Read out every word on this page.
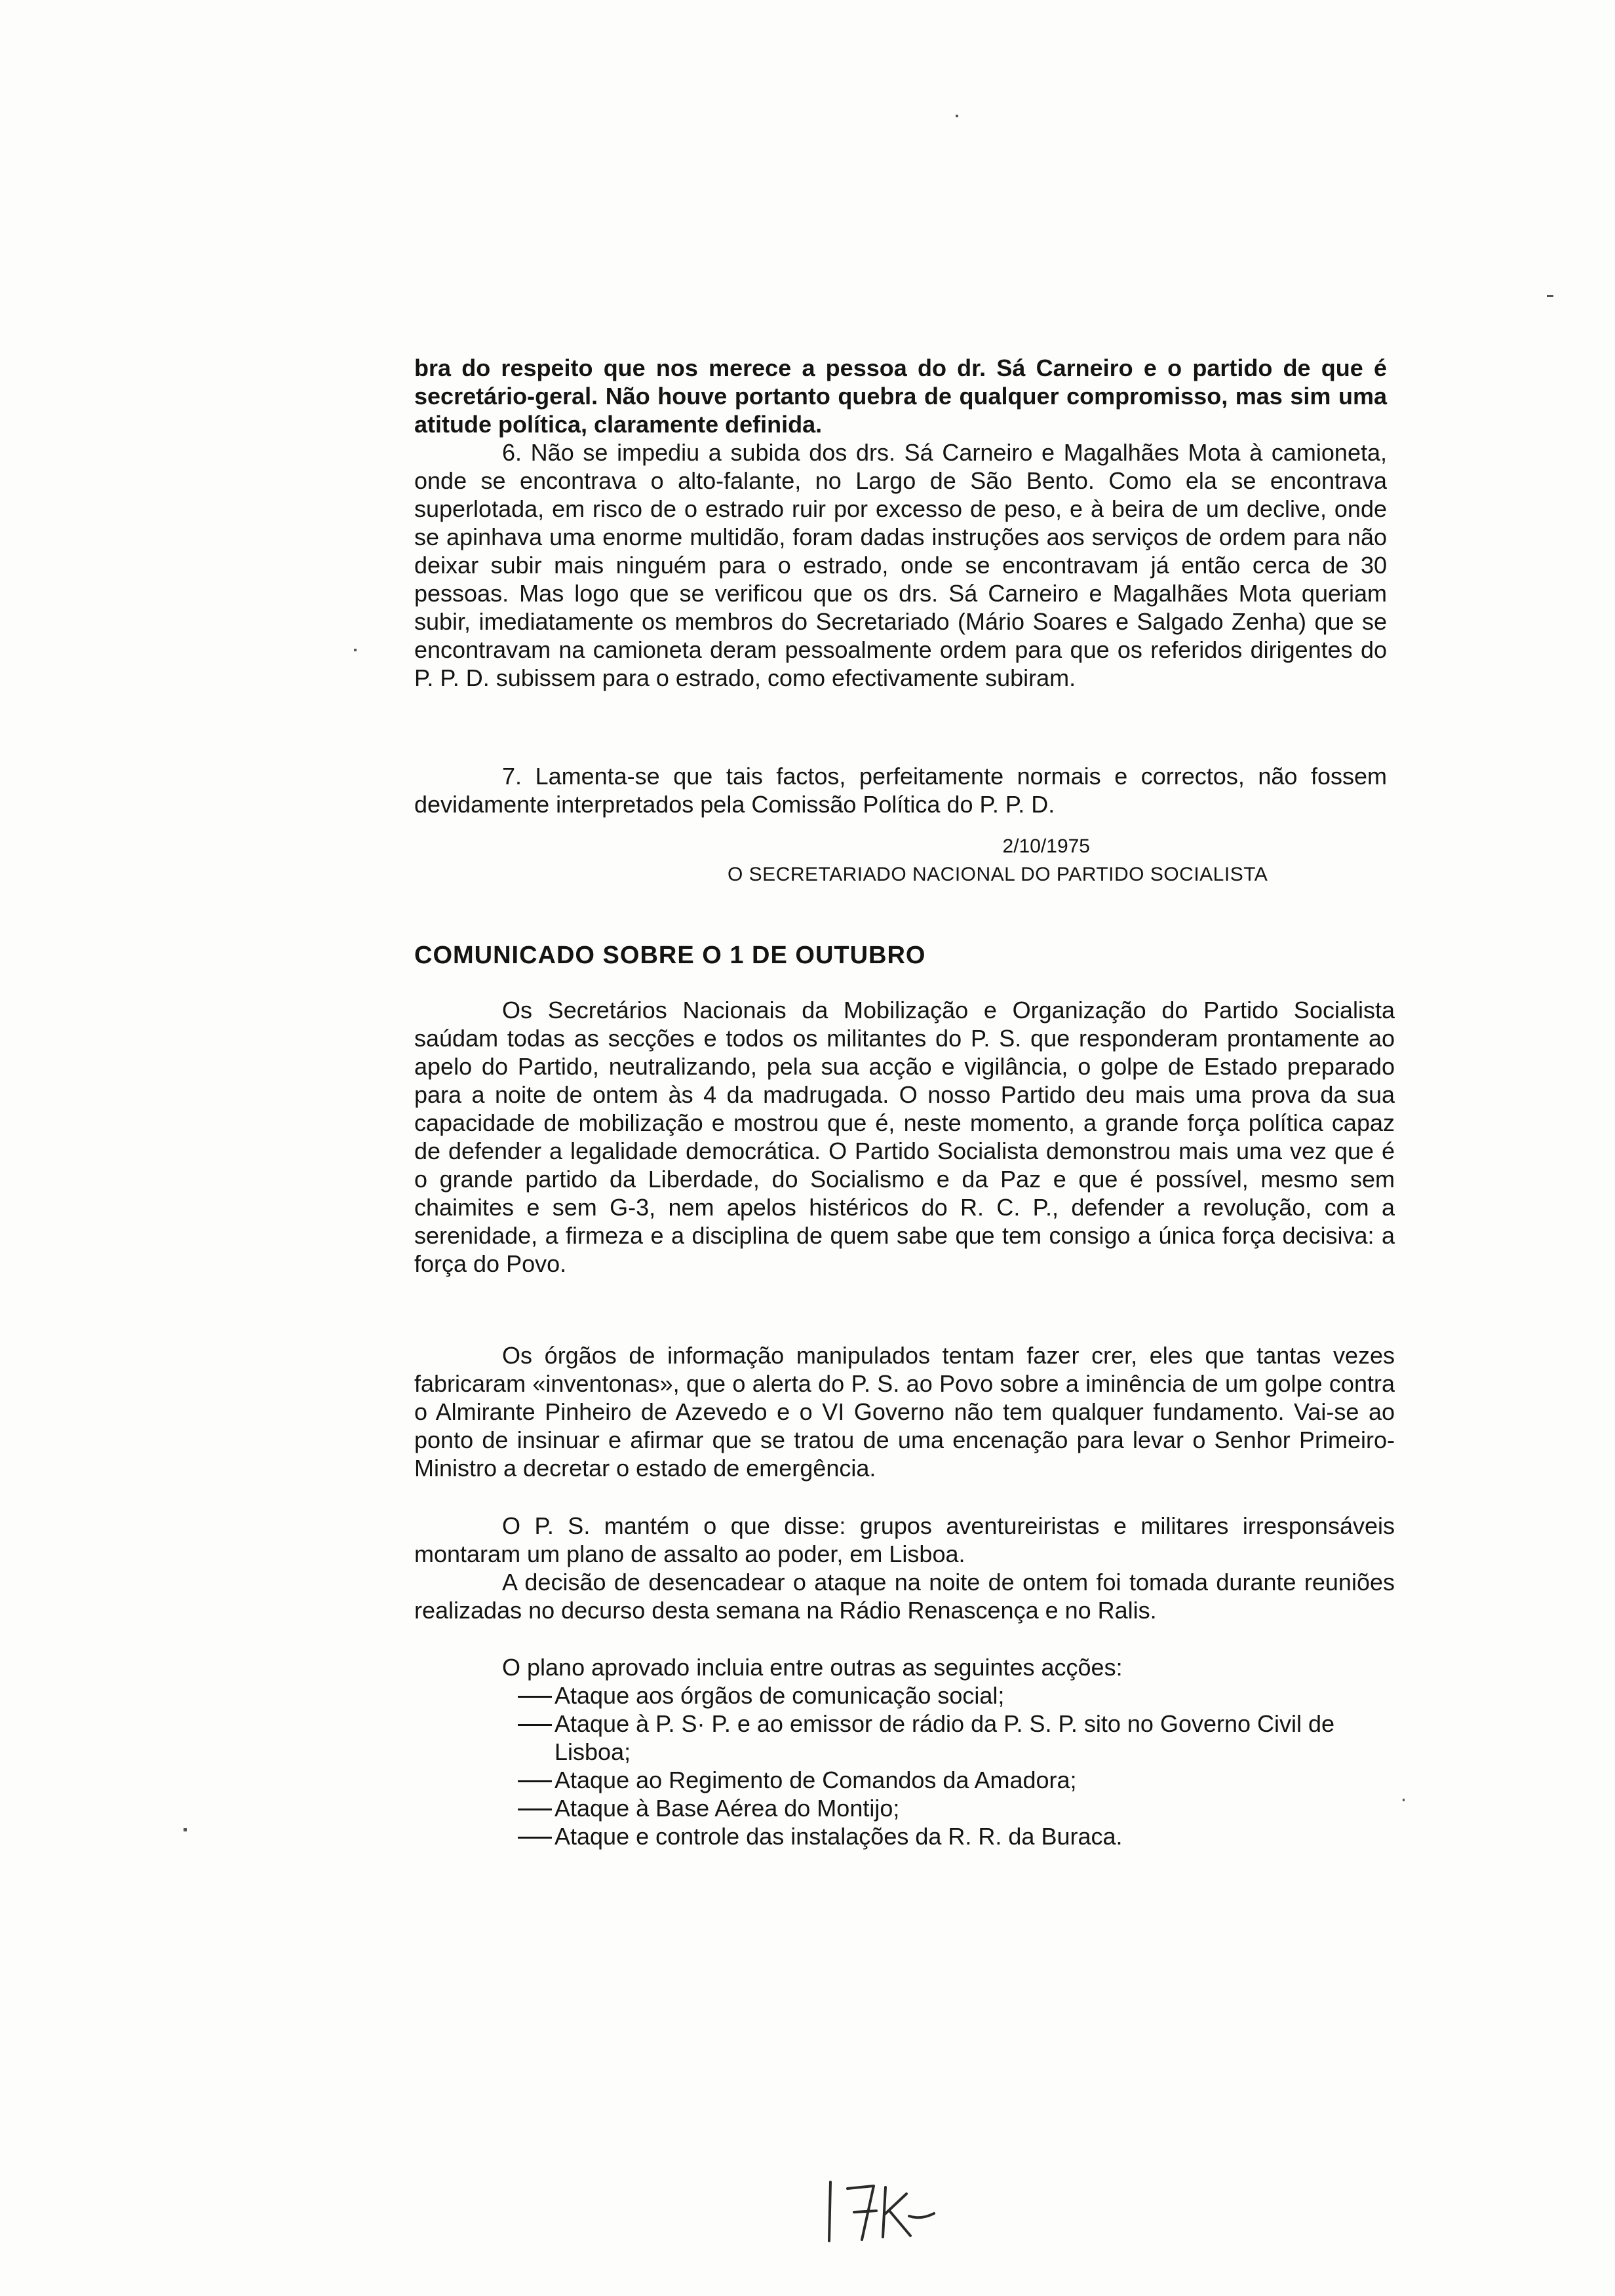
bra do respeito que nos merece a pessoa do dr. Sá Carneiro e o partido de que é secretário-geral. Não houve portanto quebra de qualquer compromisso, mas sim uma atitude política, claramente definida.

6. Não se impediu a subida dos drs. Sá Carneiro e Magalhães Mota à camioneta, onde se encontrava o alto-falante, no Largo de São Bento. Como ela se encontrava superlotada, em risco de o estrado ruir por excesso de peso, e à beira de um declive, onde se apinhava uma enorme multidão, foram dadas instruções aos serviços de ordem para não deixar subir mais ninguém para o estrado, onde se encontravam já então cerca de 30 pessoas. Mas logo que se verificou que os drs. Sá Carneiro e Magalhães Mota queriam subir, imediatamente os membros do Secretariado (Mário Soares e Salgado Zenha) que se encontravam na camioneta deram pessoalmente ordem para que os referidos dirigentes do P. P. D. subissem para o estrado, como efectivamente subiram.

7. Lamenta-se que tais factos, perfeitamente normais e correctos, não fossem devidamente interpretados pela Comissão Política do P. P. D.

2/10/1975
O SECRETARIADO NACIONAL DO PARTIDO SOCIALISTA
COMUNICADO SOBRE O 1 DE OUTUBRO

Os Secretários Nacionais da Mobilização e Organização do Partido Socialista saúdam todas as secções e todos os militantes do P. S. que responderam prontamente ao apelo do Partido, neutralizando, pela sua acção e vigilância, o golpe de Estado preparado para a noite de ontem às 4 da madrugada. O nosso Partido deu mais uma prova da sua capacidade de mobilização e mostrou que é, neste momento, a grande força política capaz de defender a legalidade democrática. O Partido Socialista demonstrou mais uma vez que é o grande partido da Liberdade, do Socialismo e da Paz e que é possível, mesmo sem chaimites e sem G-3, nem apelos histéricos do R. C. P., defender a revolução, com a serenidade, a firmeza e a disciplina de quem sabe que tem consigo a única força decisiva: a força do Povo.

Os órgãos de informação manipulados tentam fazer crer, eles que tantas vezes fabricaram «inventonas», que o alerta do P. S. ao Povo sobre a iminência de um golpe contra o Almirante Pinheiro de Azevedo e o VI Governo não tem qualquer fundamento. Vai-se ao ponto de insinuar e afirmar que se tratou de uma encenação para levar o Senhor Primeiro-Ministro a decretar o estado de emergência.

O P. S. mantém o que disse: grupos aventureiristas e militares irresponsáveis montaram um plano de assalto ao poder, em Lisboa.

A decisão de desencadear o ataque na noite de ontem foi tomada durante reuniões realizadas no decurso desta semana na Rádio Renascença e no Ralis.

O plano aprovado incluia entre outras as seguintes acções:

Ataque aos órgãos de comunicação social;
Ataque à P. S· P. e ao emissor de rádio da P. S. P. sito no Governo Civil de Lisboa;
Ataque ao Regimento de Comandos da Amadora;
Ataque à Base Aérea do Montijo;
Ataque e controle das instalações da R. R. da Buraca.
